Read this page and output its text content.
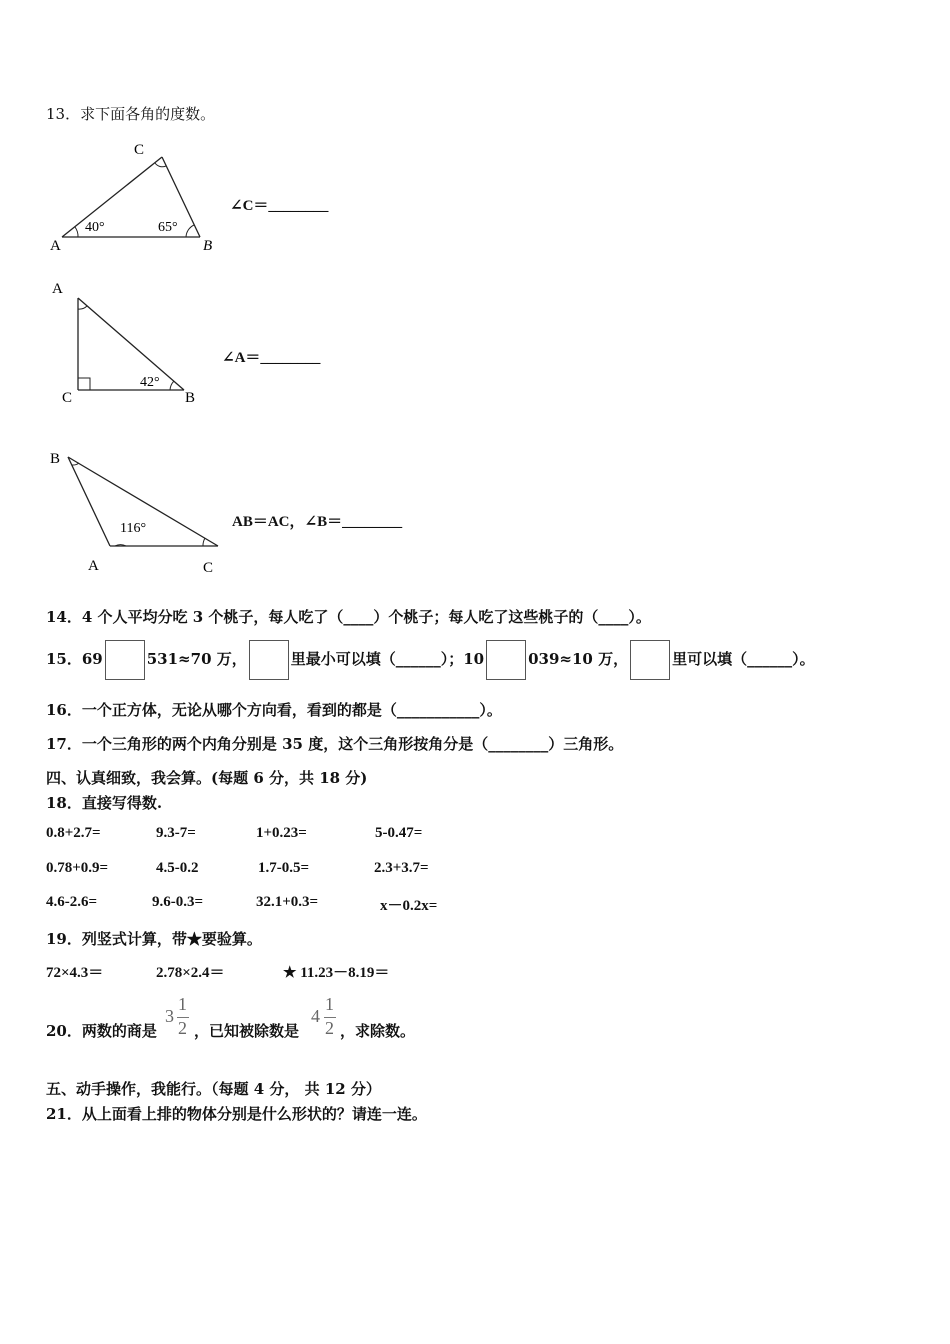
13．求下面各角的度数。
A	B
C
40°	65°
∠C＝________
A
C	B
42°
∠A＝________
B
A	C
116°	AB＝AC，∠B＝________
14．4 个人平均分吃 3 个桃子，每人吃了（____）个桃子；每人吃了这些桃子的（____）。
15．69	531≈70 万，	里最小可以填（______）；10	039≈10 万，	里可以填（______）。
16．一个正方体，无论从哪个方向看，看到的都是（___________）。
17．一个三角形的两个内角分别是 35 度，这个三角形按角分是（________）三角形。
四、认真细致，我会算。(每题 6 分，共 18 分)
18．直接写得数.
0.8+2.7=	9.3-7=	1+0.23=	5-0.47=
0.78+0.9=	4.5-0.2	1.7-0.5=	2.3+3.7=
4.6-2.6=	9.6-0.3=	32.1+0.3=	x－0.2x=
19．列竖式计算，带★要验算。
72×4.3＝	2.78×2.4＝	★ 11.23－8.19＝
20．两数的商是
3
1
2 ，已知被除数是
4
1
2 ，求除数。
五、动手操作，我能行。（每题 4 分， 共 12 分）
21．从上面看上排的物体分别是什么形状的？请连一连。
